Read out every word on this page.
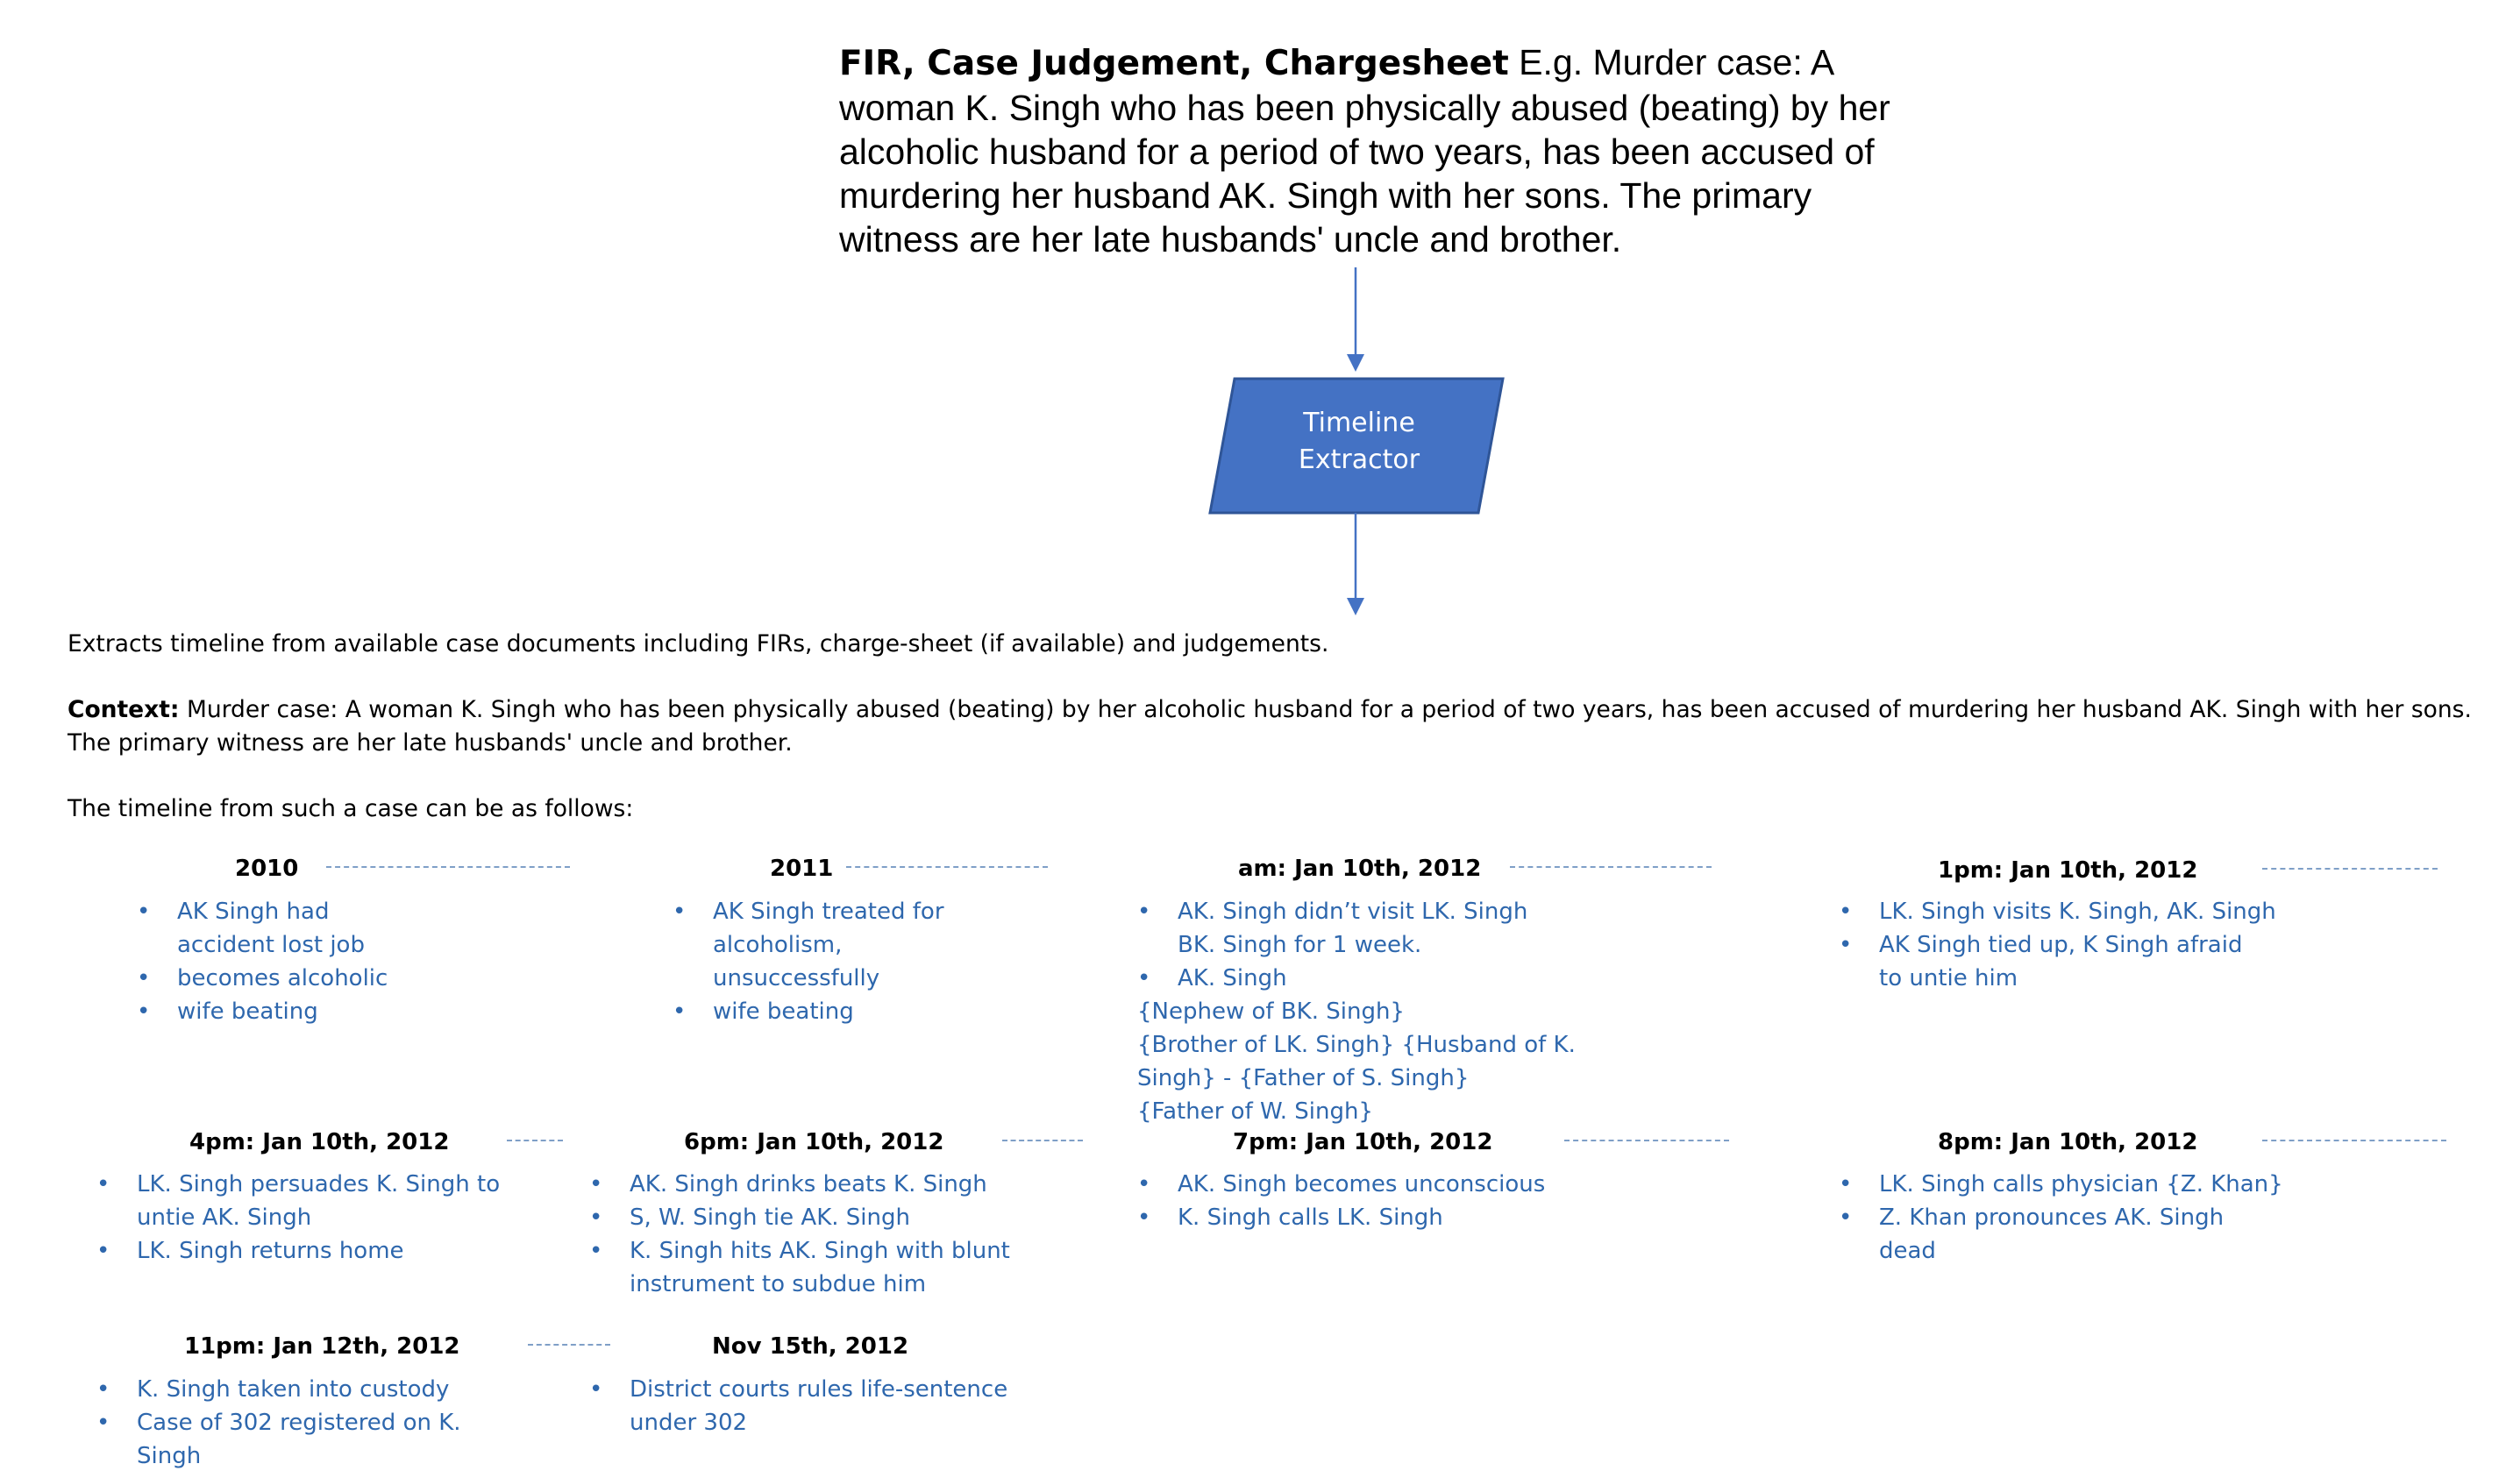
FIR, Case Judgement, Chargesheet E.g. Murder case: A woman K. Singh who has been physically abused (beating) by her alcoholic husband for a period of two years, has been accused of murdering her husband AK. Singh with her sons. The primary witness are her late husbands' uncle and brother.
Timeline
Extractor
Extracts timeline from available case documents including FIRs, charge-sheet (if available) and judgements.
Context: Murder case: A woman K. Singh who has been physically abused (beating) by her alcoholic husband for a period of two years, has been accused of murdering her husband AK. Singh with her sons. The primary witness are her late husbands' uncle and brother.
The timeline from such a case can be as follows:
2010
• AK Singh had
accident lost job
• becomes alcoholic
• wife beating
2011
• AK Singh treated for
alcoholism,
unsuccessfully
• wife beating
am: Jan 10th, 2012
• AK. Singh didn’t visit LK. Singh
BK. Singh for 1 week.
• AK. Singh
{Nephew of BK. Singh}
{Brother of LK. Singh} {Husband of K.
Singh} - {Father of S. Singh}
{Father of W. Singh}
1pm: Jan 10th, 2012
• LK. Singh visits K. Singh, AK. Singh
• AK Singh tied up, K Singh afraid
to untie him
4pm: Jan 10th, 2012
• LK. Singh persuades K. Singh to
untie AK. Singh
• LK. Singh returns home
6pm: Jan 10th, 2012
• AK. Singh drinks beats K. Singh
• S, W. Singh tie AK. Singh
• K. Singh hits AK. Singh with blunt
instrument to subdue him
7pm: Jan 10th, 2012
• AK. Singh becomes unconscious
• K. Singh calls LK. Singh
8pm: Jan 10th, 2012
• LK. Singh calls physician {Z. Khan}
• Z. Khan pronounces AK. Singh
dead
11pm: Jan 12th, 2012
• K. Singh taken into custody
• Case of 302 registered on K.
Singh
Nov 15th, 2012
• District courts rules life-sentence
under 302
